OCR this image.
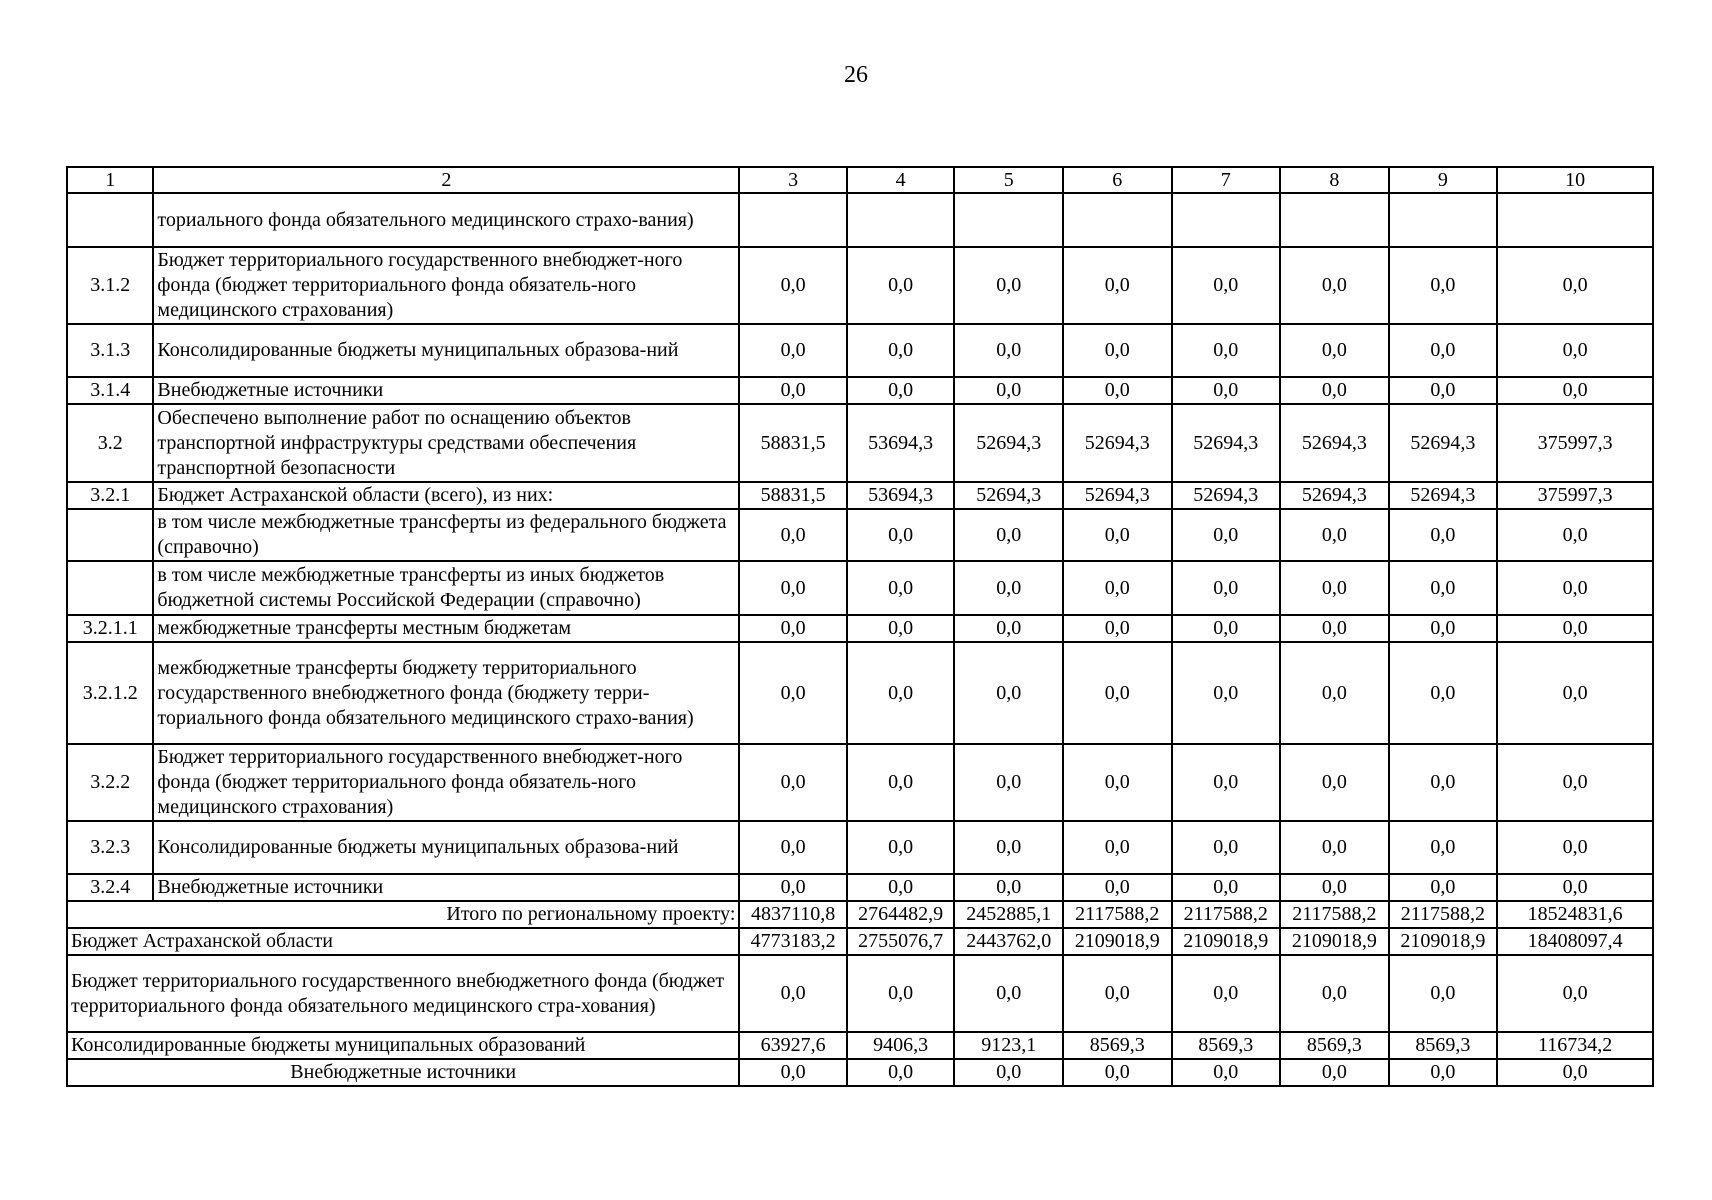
26
1	2	3	4	5	6	7	8	9	10
	ториального фонда обязательного медицинского страхо-вания)								
3.1.2	Бюджет территориального государственного внебюджет-ного фонда (бюджет территориального фонда обязатель-ного медицинского страхования)	0,0	0,0	0,0	0,0	0,0	0,0	0,0	0,0
3.1.3	Консолидированные бюджеты муниципальных образова-ний	0,0	0,0	0,0	0,0	0,0	0,0	0,0	0,0
3.1.4	Внебюджетные источники	0,0	0,0	0,0	0,0	0,0	0,0	0,0	0,0
3.2	Обеспечено выполнение работ по оснащению объектов транспортной инфраструктуры средствами обеспечения транспортной безопасности	58831,5	53694,3	52694,3	52694,3	52694,3	52694,3	52694,3	375997,3
3.2.1	Бюджет Астраханской области (всего), из них:	58831,5	53694,3	52694,3	52694,3	52694,3	52694,3	52694,3	375997,3
	в том числе межбюджетные трансферты из федерального бюджета (справочно)	0,0	0,0	0,0	0,0	0,0	0,0	0,0	0,0
	в том числе межбюджетные трансферты из иных бюджетов бюджетной системы Российской Федерации (справочно)	0,0	0,0	0,0	0,0	0,0	0,0	0,0	0,0
3.2.1.1	межбюджетные трансферты местным бюджетам	0,0	0,0	0,0	0,0	0,0	0,0	0,0	0,0
3.2.1.2	межбюджетные трансферты бюджету территориального государственного внебюджетного фонда (бюджету терри-ториального фонда обязательного медицинского страхо-вания)	0,0	0,0	0,0	0,0	0,0	0,0	0,0	0,0
3.2.2	Бюджет территориального государственного внебюджет-ного фонда (бюджет территориального фонда обязатель-ного медицинского страхования)	0,0	0,0	0,0	0,0	0,0	0,0	0,0	0,0
3.2.3	Консолидированные бюджеты муниципальных образова-ний	0,0	0,0	0,0	0,0	0,0	0,0	0,0	0,0
3.2.4	Внебюджетные источники	0,0	0,0	0,0	0,0	0,0	0,0	0,0	0,0
Итого по региональному проекту:		4837110,8	2764482,9	2452885,1	2117588,2	2117588,2	2117588,2	2117588,2	18524831,6
Бюджет Астраханской области		4773183,2	2755076,7	2443762,0	2109018,9	2109018,9	2109018,9	2109018,9	18408097,4
Бюджет территориального государственного внебюджетного фонда (бюджет территориального фонда обязательного медицинского стра-хования)		0,0	0,0	0,0	0,0	0,0	0,0	0,0	0,0
Консолидированные бюджеты муниципальных образований		63927,6	9406,3	9123,1	8569,3	8569,3	8569,3	8569,3	116734,2
Внебюджетные источники		0,0	0,0	0,0	0,0	0,0	0,0	0,0	0,0
